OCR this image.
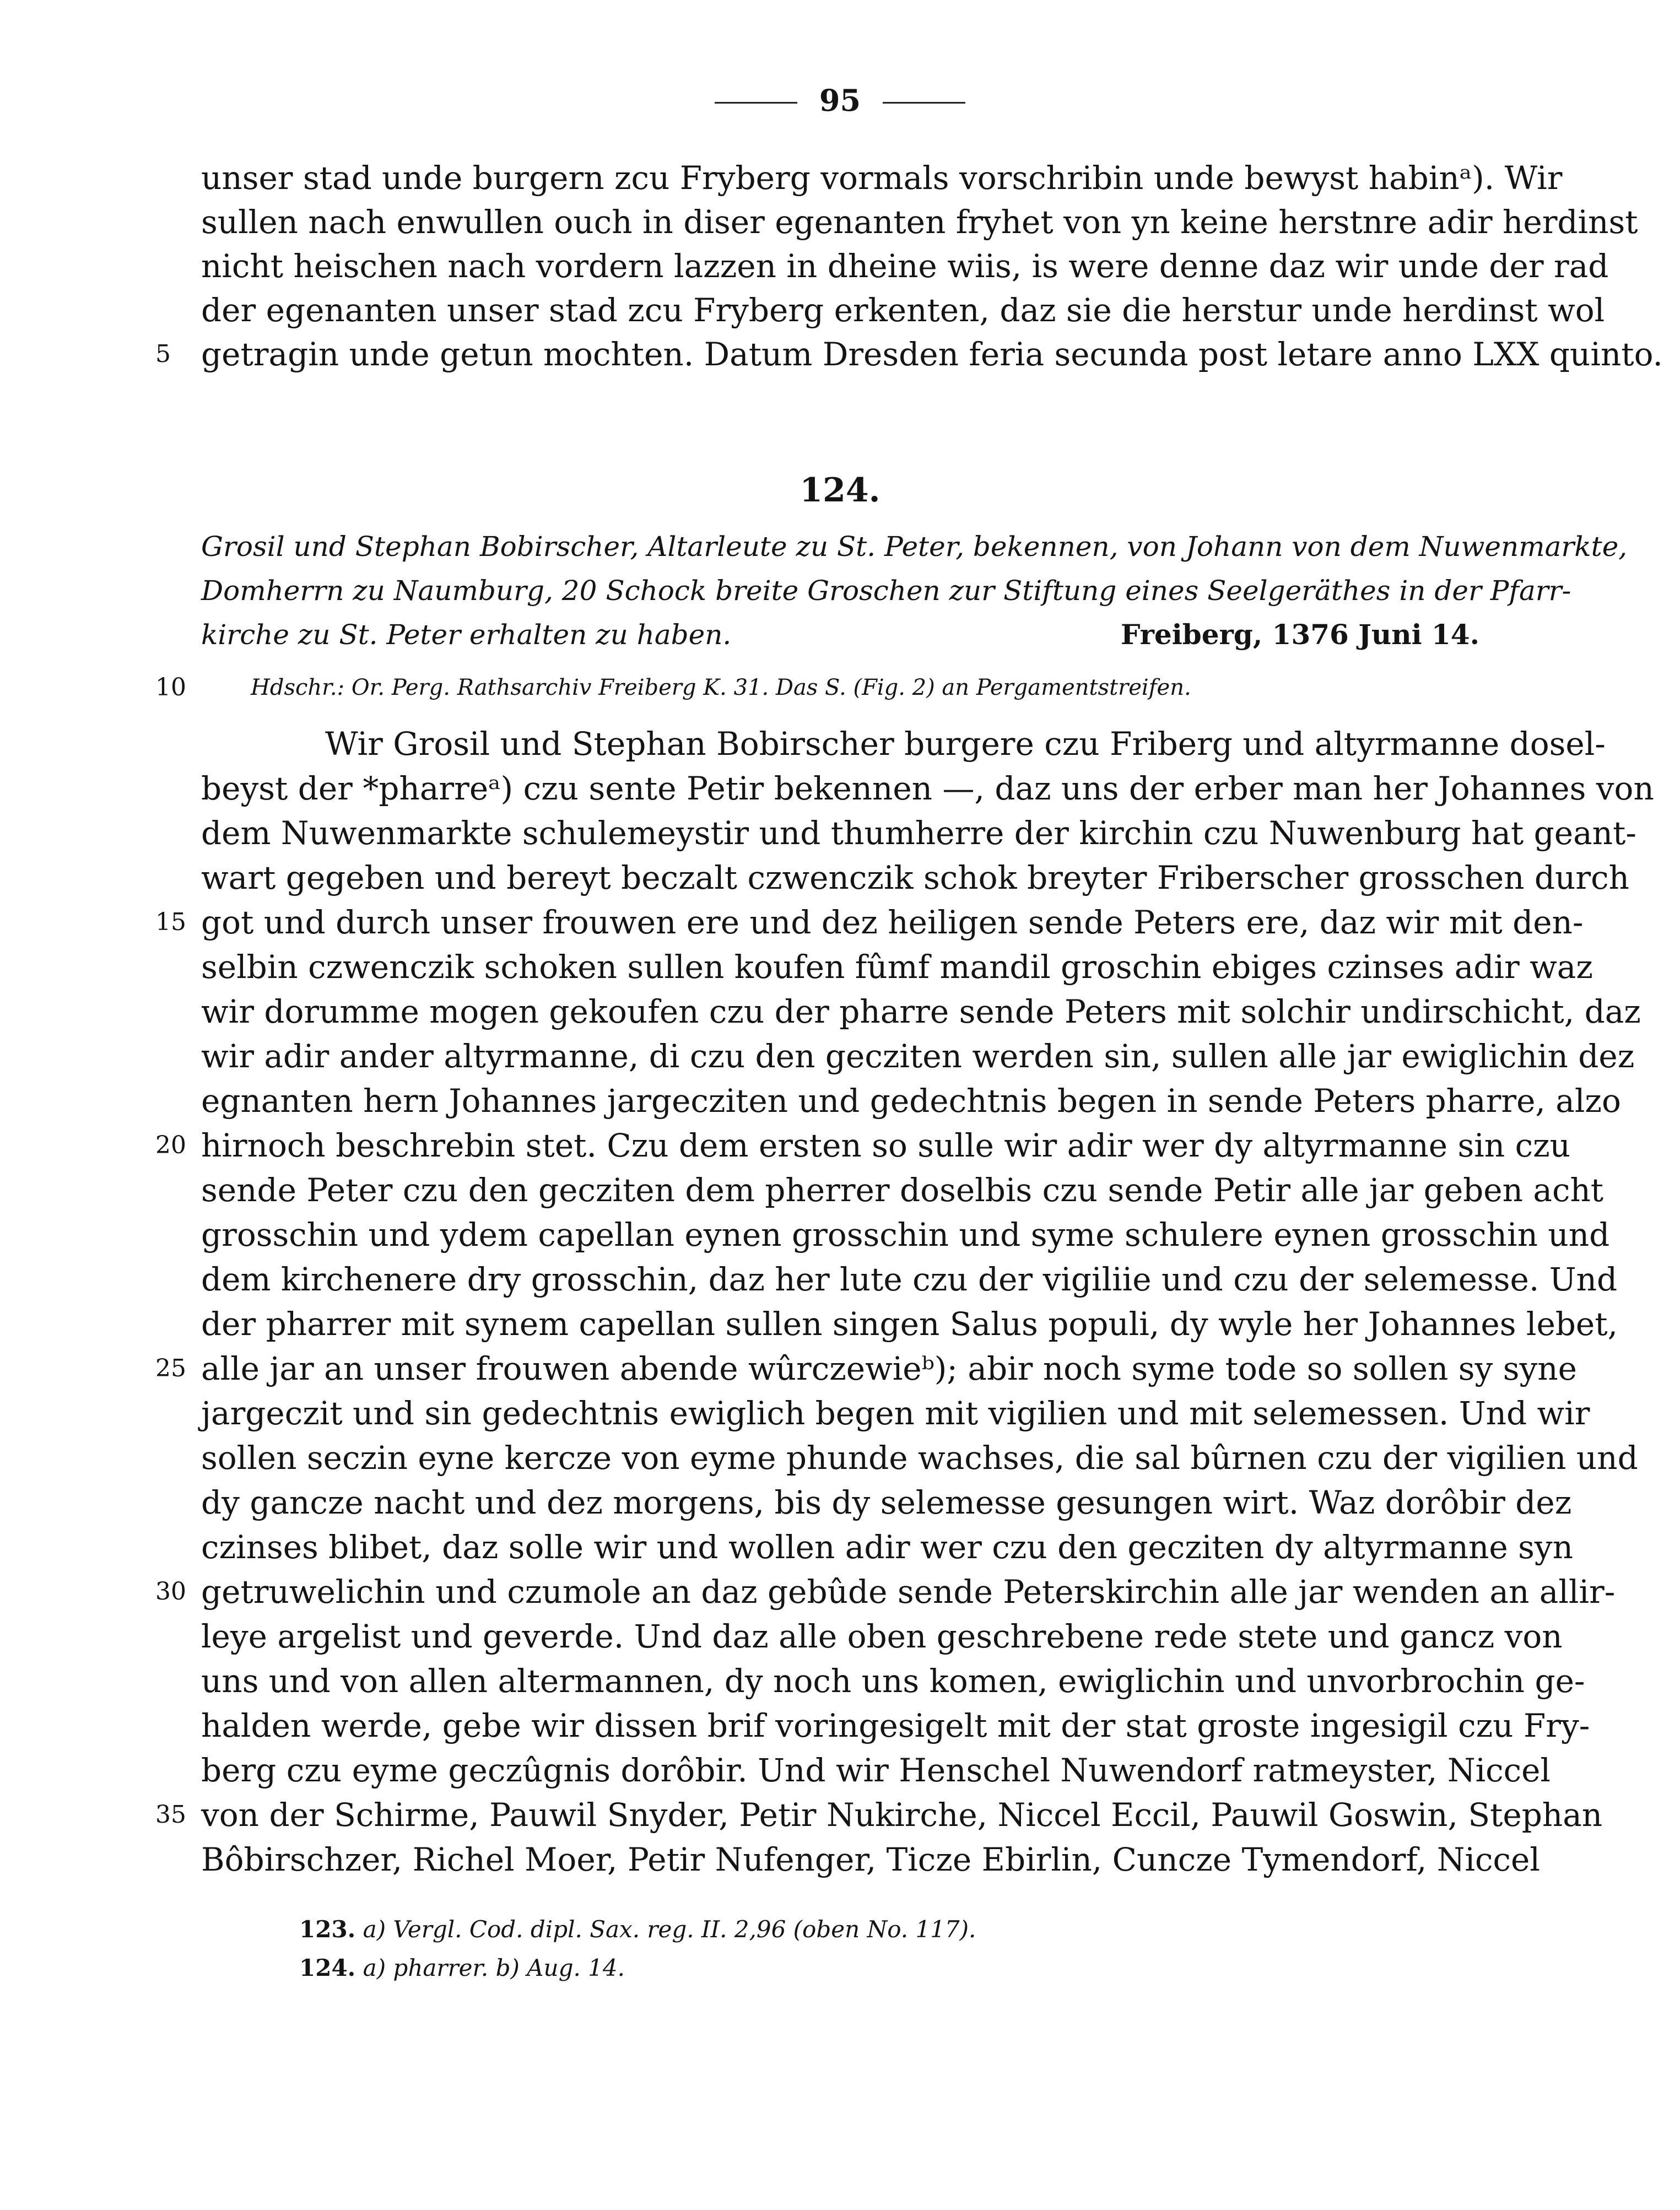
95
unser stad unde burgern zcu Fryberg vormals vorschribin unde bewyst habinᵃ). Wir
sullen nach enwullen ouch in diser egenanten fryhet von yn keine herstnre adir herdinst
nicht heischen nach vordern lazzen in dheine wiis, is were denne daz wir unde der rad
der egenanten unser stad zcu Fryberg erkenten, daz sie die herstur unde herdinst wol
getragin unde getun mochten. Datum Dresden feria secunda post letare anno LXX quinto.
5
124.
Grosil und Stephan Bobirscher, Altarleute zu St. Peter, bekennen, von Johann von dem Nuwenmarkte,
Domherrn zu Naumburg, 20 Schock breite Groschen zur Stiftung eines Seelgeräthes in der Pfarr-
kirche zu St. Peter erhalten zu haben.	Freiberg, 1376 Juni 14.
10	Hdschr.: Or. Perg. Rathsarchiv Freiberg K. 31. Das S. (Fig. 2) an Pergamentstreifen.
Wir Grosil und Stephan Bobirscher burgere czu Friberg und altyrmanne dosel-
beyst der *pharreᵃ) czu sente Petir bekennen —, daz uns der erber man her Johannes von
dem Nuwenmarkte schulemeystir und thumherre der kirchin czu Nuwenburg hat geant-
wart gegeben und bereyt beczalt czwenczik schok breyter Friberscher grosschen durch
got und durch unser frouwen ere und dez heiligen sende Peters ere, daz wir mit den-
15
selbin czwenczik schoken sullen koufen fûmf mandil groschin ebiges czinses adir waz
wir dorumme mogen gekoufen czu der pharre sende Peters mit solchir undirschicht, daz
wir adir ander altyrmanne, di czu den gecziten werden sin, sullen alle jar ewiglichin dez
egnanten hern Johannes jargecziten und gedechtnis begen in sende Peters pharre, alzo
hirnoch beschrebin stet. Czu dem ersten so sulle wir adir wer dy altyrmanne sin czu
20
sende Peter czu den gecziten dem pherrer doselbis czu sende Petir alle jar geben acht
grosschin und ydem capellan eynen grosschin und syme schulere eynen grosschin und
dem kirchenere dry grosschin, daz her lute czu der vigiliie und czu der selemesse. Und
der pharrer mit synem capellan sullen singen Salus populi, dy wyle her Johannes lebet,
alle jar an unser frouwen abende wûrczewieᵇ); abir noch syme tode so sollen sy syne
25
jargeczit und sin gedechtnis ewiglich begen mit vigilien und mit selemessen. Und wir
sollen seczin eyne kercze von eyme phunde wachses, die sal bûrnen czu der vigilien und
dy gancze nacht und dez morgens, bis dy selemesse gesungen wirt. Waz dorôbir dez
czinses blibet, daz solle wir und wollen adir wer czu den gecziten dy altyrmanne syn
getruwelichin und czumole an daz gebûde sende Peterskirchin alle jar wenden an allir-
30
leye argelist und geverde. Und daz alle oben geschrebene rede stete und gancz von
uns und von allen altermannen, dy noch uns komen, ewiglichin und unvorbrochin ge-
halden werde, gebe wir dissen brif voringesigelt mit der stat groste ingesigil czu Fry-
berg czu eyme geczûgnis dorôbir. Und wir Henschel Nuwendorf ratmeyster, Niccel
von der Schirme, Pauwil Snyder, Petir Nukirche, Niccel Eccil, Pauwil Goswin, Stephan
35
Bôbirschzer, Richel Moer, Petir Nufenger, Ticze Ebirlin, Cuncze Tymendorf, Niccel
123. a) Vergl. Cod. dipl. Sax. reg. II. 2,96 (oben No. 117).
124. a) pharrer. b) Aug. 14.
